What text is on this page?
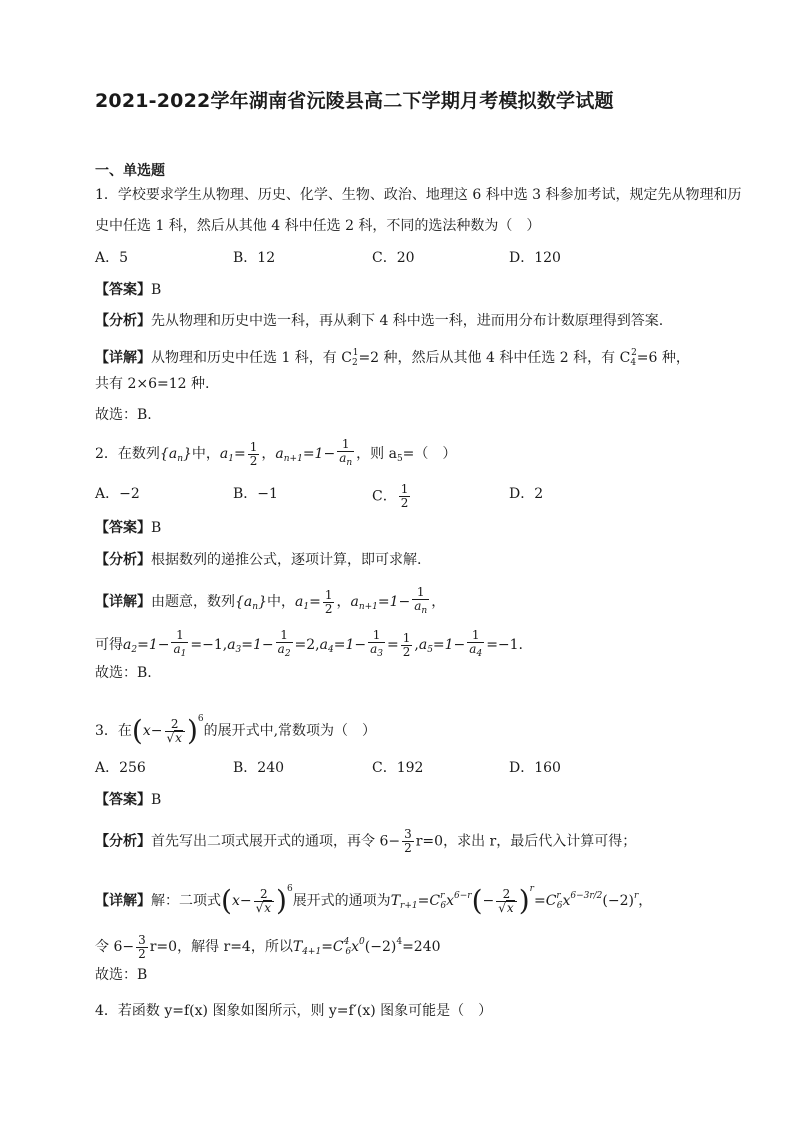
2021-2022学年湖南省沅陵县高二下学期月考模拟数学试题
一、单选题
1．学校要求学生从物理、历史、化学、生物、政治、地理这 6 科中选 3 科参加考试，规定先从物理和历
史中任选 1 科，然后从其他 4 科中任选 2 科，不同的选法种数为（　）
A．5	B．12	C．20	D．120
【答案】B
【分析】先从物理和历史中选一科，再从剩下 4 科中选一科，进而用分布计数原理得到答案.
【详解】从物理和历史中任选 1 科，有 $C_2^1=2$ 种，然后从其他 4 科中任选 2 科，有 $C_4^2=6$ 种，
共有 2×6=12 种.
故选：B.
2．在数列$\{a_n\}$中，$a_1= \frac{1}{2}$ ，$a_{n+1}=1- \frac{1}{a_n}$ ，则 $a_5=$（　）
A．−2	B．−1	C． $\frac{1}{2}$	D．2
【答案】B
【分析】根据数列的递推公式，逐项计算，即可求解.
【详解】由题意，数列$\{a_n\}$中，$a_1= \frac{1}{2}$ ，$a_{n+1}=1- \frac{1}{a_n}$ ，
可得$a_2=1- \frac{1}{a_1} =-1,a_3=1- \frac{1}{a_2} =2,a_4=1- \frac{1}{a_3} = \frac{1}{2} ,a_5=1- \frac{1}{a_4} =-1$.
故选：B.
3．在$(x- \frac{2}{√x} )^6$的展开式中,常数项为（　）
A．256	B．240	C．192	D．160
【答案】B
【分析】首先写出二项式展开式的通项，再令 $6- \frac{3}{2} r=0$，求出 r，最后代入计算可得；
【详解】解：二项式$(x- \frac{2}{√x} )^6$展开式的通项为$T_{r+1}=C^r_6x^{6-r}(- \frac{2}{√x} )^r=C^r_6x^{6-3r/2}(-2)^r$，
令 $6- \frac{3}{2} r=0$，解得 r=4，所以$T_{4+1}=C^4_6x^0(-2)^4=240$
故选：B
4．若函数 y=f(x) 图象如图所示，则 y=f′(x) 图象可能是（　）
